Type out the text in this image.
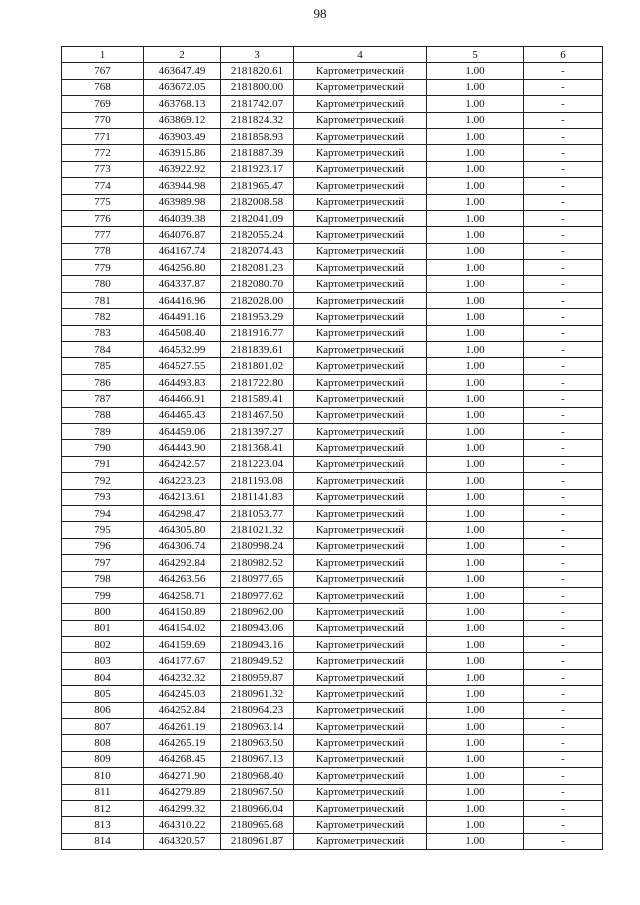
98
1	2	3	4	5	6
767	463647.49	2181820.61	Картометрический	1.00	-
768	463672.05	2181800.00	Картометрический	1.00	-
769	463768.13	2181742.07	Картометрический	1.00	-
770	463869.12	2181824.32	Картометрический	1.00	-
771	463903.49	2181858.93	Картометрический	1.00	-
772	463915.86	2181887.39	Картометрический	1.00	-
773	463922.92	2181923.17	Картометрический	1.00	-
774	463944.98	2181965.47	Картометрический	1.00	-
775	463989.98	2182008.58	Картометрический	1.00	-
776	464039.38	2182041.09	Картометрический	1.00	-
777	464076.87	2182055.24	Картометрический	1.00	-
778	464167.74	2182074.43	Картометрический	1.00	-
779	464256.80	2182081.23	Картометрический	1.00	-
780	464337.87	2182080.70	Картометрический	1.00	-
781	464416.96	2182028.00	Картометрический	1.00	-
782	464491.16	2181953.29	Картометрический	1.00	-
783	464508.40	2181916.77	Картометрический	1.00	-
784	464532.99	2181839.61	Картометрический	1.00	-
785	464527.55	2181801.02	Картометрический	1.00	-
786	464493.83	2181722.80	Картометрический	1.00	-
787	464466.91	2181589.41	Картометрический	1.00	-
788	464465.43	2181467.50	Картометрический	1.00	-
789	464459.06	2181397.27	Картометрический	1.00	-
790	464443.90	2181368.41	Картометрический	1.00	-
791	464242.57	2181223.04	Картометрический	1.00	-
792	464223.23	2181193.08	Картометрический	1.00	-
793	464213.61	2181141.83	Картометрический	1.00	-
794	464298.47	2181053.77	Картометрический	1.00	-
795	464305.80	2181021.32	Картометрический	1.00	-
796	464306.74	2180998.24	Картометрический	1.00	-
797	464292.84	2180982.52	Картометрический	1.00	-
798	464263.56	2180977.65	Картометрический	1.00	-
799	464258.71	2180977.62	Картометрический	1.00	-
800	464150.89	2180962.00	Картометрический	1.00	-
801	464154.02	2180943.06	Картометрический	1.00	-
802	464159.69	2180943.16	Картометрический	1.00	-
803	464177.67	2180949.52	Картометрический	1.00	-
804	464232.32	2180959.87	Картометрический	1.00	-
805	464245.03	2180961.32	Картометрический	1.00	-
806	464252.84	2180964.23	Картометрический	1.00	-
807	464261.19	2180963.14	Картометрический	1.00	-
808	464265.19	2180963.50	Картометрический	1.00	-
809	464268.45	2180967.13	Картометрический	1.00	-
810	464271.90	2180968.40	Картометрический	1.00	-
811	464279.89	2180967.50	Картометрический	1.00	-
812	464299.32	2180966.04	Картометрический	1.00	-
813	464310.22	2180965.68	Картометрический	1.00	-
814	464320.57	2180961.87	Картометрический	1.00	-
